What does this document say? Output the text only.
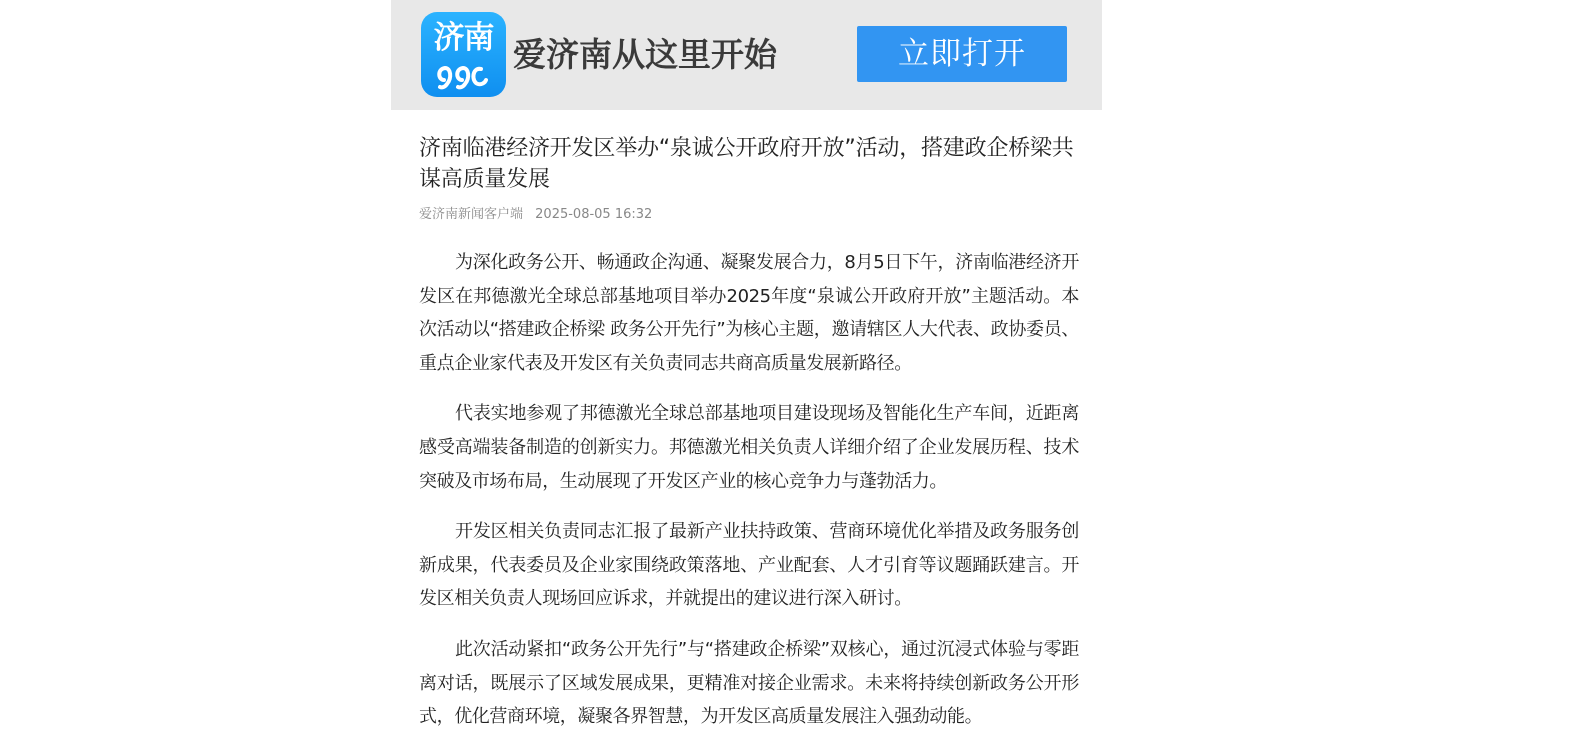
济南 爱济南从这里开始	立即打开
济南临港经济开发区举办“泉诚公开政府开放”活动，搭建政企桥梁共谋高质量发展
爱济南新闻客户端 2025-08-05 16:32

为深化政务公开、畅通政企沟通、凝聚发展合力，8月5日下午，济南临港经济开发区在邦德激光全球总部基地项目举办2025年度“泉诚公开政府开放”主题活动。本次活动以“搭建政企桥梁 政务公开先行”为核心主题，邀请辖区人大代表、政协委员、重点企业家代表及开发区有关负责同志共商高质量发展新路径。

代表实地参观了邦德激光全球总部基地项目建设现场及智能化生产车间，近距离感受高端装备制造的创新实力。邦德激光相关负责人详细介绍了企业发展历程、技术突破及市场布局，生动展现了开发区产业的核心竞争力与蓬勃活力。

开发区相关负责同志汇报了最新产业扶持政策、营商环境优化举措及政务服务创新成果，代表委员及企业家围绕政策落地、产业配套、人才引育等议题踊跃建言。开发区相关负责人现场回应诉求，并就提出的建议进行深入研讨。

此次活动紧扣“政务公开先行”与“搭建政企桥梁”双核心，通过沉浸式体验与零距离对话，既展示了区域发展成果，更精准对接企业需求。未来将持续创新政务公开形式，优化营商环境，凝聚各界智慧，为开发区高质量发展注入强劲动能。
